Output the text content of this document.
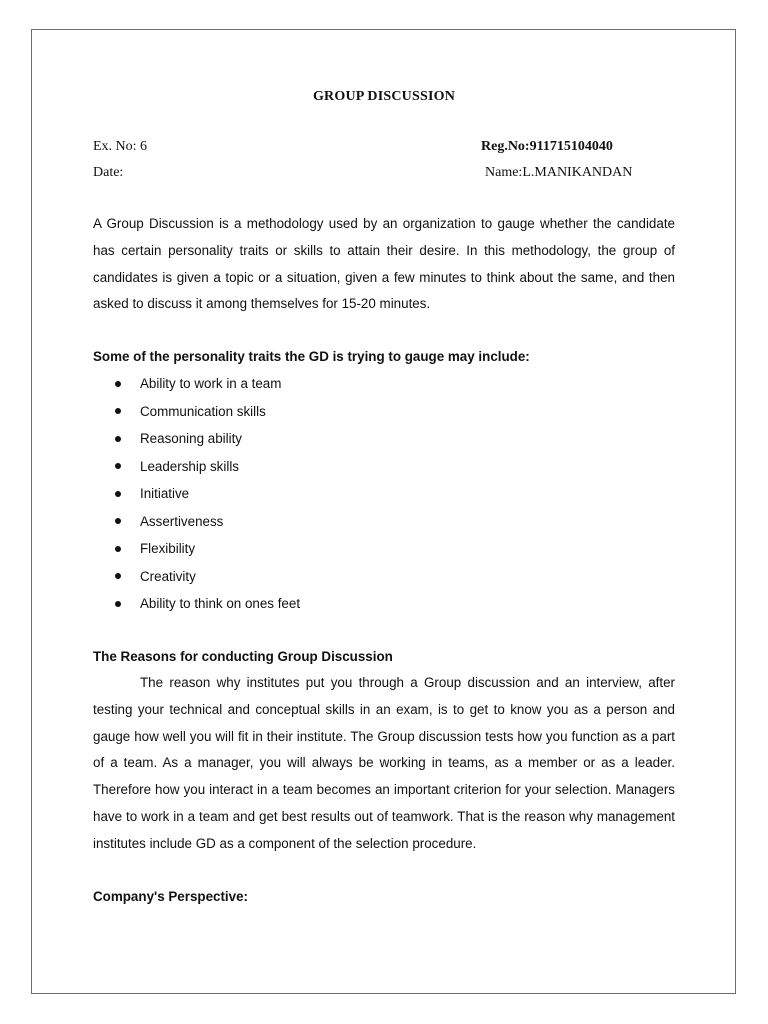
GROUP DISCUSSION
Ex. No: 6	Reg.No:911715104040
Date:	Name:L.MANIKANDAN
A Group Discussion is a methodology used by an organization to gauge whether the candidate has certain personality traits or skills to attain their desire. In this methodology, the group of candidates is given a topic or a situation, given a few minutes to think about the same, and then asked to discuss it among themselves for 15-20 minutes.
Some of the personality traits the GD is trying to gauge may include:
Ability to work in a team
Communication skills
Reasoning ability
Leadership skills
Initiative
Assertiveness
Flexibility
Creativity
Ability to think on ones feet
The Reasons for conducting Group Discussion
The reason why institutes put you through a Group discussion and an interview, after testing your technical and conceptual skills in an exam, is to get to know you as a person and gauge how well you will fit in their institute. The Group discussion tests how you function as a part of a team. As a manager, you will always be working in teams, as a member or as a leader. Therefore how you interact in a team becomes an important criterion for your selection. Managers have to work in a team and get best results out of teamwork. That is the reason why management institutes include GD as a component of the selection procedure.
Company's Perspective:
